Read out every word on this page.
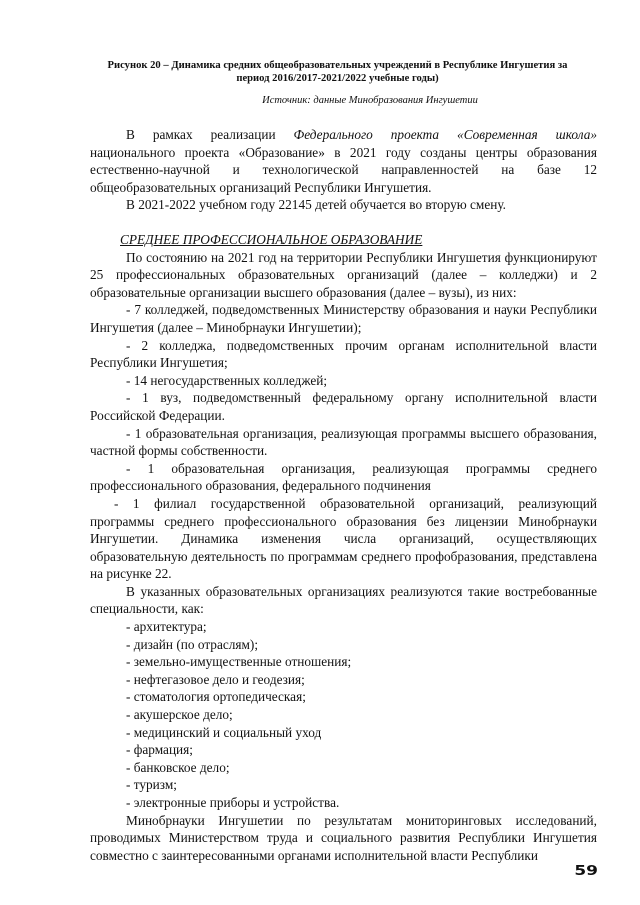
Рисунок 20 – Динамика средних общеобразовательных учреждений в Республике Ингушетия за
период 2016/2017-2021/2022 учебные годы)
Источник: данные Минобразования Ингушетии

В рамках реализации Федерального проекта «Современная школа» национального проекта «Образование» в 2021 году созданы центры образования естественно-научной и технологической направленностей на базе 12 общеобразовательных организаций Республики Ингушетия.

В 2021-2022 учебном году 22145 детей обучается во вторую смену.

СРЕДНЕЕ ПРОФЕССИОНАЛЬНОЕ ОБРАЗОВАНИЕ

По состоянию на 2021 год на территории Республики Ингушетия функционируют 25 профессиональных образовательных организаций (далее – колледжи) и 2 образовательные организации высшего образования (далее – вузы), из них:

- 7 колледжей, подведомственных Министерству образования и науки Республики Ингушетия (далее – Минобрнауки Ингушетии);

- 2 колледжа, подведомственных прочим органам исполнительной власти Республики Ингушетия;

- 14 негосударственных колледжей;

- 1 вуз, подведомственный федеральному органу исполнительной власти Российской Федерации.

- 1 образовательная организация, реализующая программы высшего образования, частной формы собственности.

- 1 образовательная организация, реализующая программы среднего профессионального образования, федерального подчинения

- 1 филиал государственной образовательной организаций, реализующий программы среднего профессионального образования без лицензии Минобрнауки Ингушетии. Динамика изменения числа организаций, осуществляющих образовательную деятельность по программам среднего профобразования, представлена на рисунке 22.

В указанных образовательных организациях реализуются такие востребованные специальности, как:

- архитектура;
- дизайн (по отраслям);
- земельно-имущественные отношения;
- нефтегазовое дело и геодезия;
- стоматология ортопедическая;
- акушерское дело;
- медицинский и социальный уход
- фармация;
- банковское дело;
- туризм;
- электронные приборы и устройства.

Минобрнауки Ингушетии по результатам мониторинговых исследований, проводимых Министерством труда и социального развития Республики Ингушетия совместно с заинтересованными органами исполнительной власти Республики

59
